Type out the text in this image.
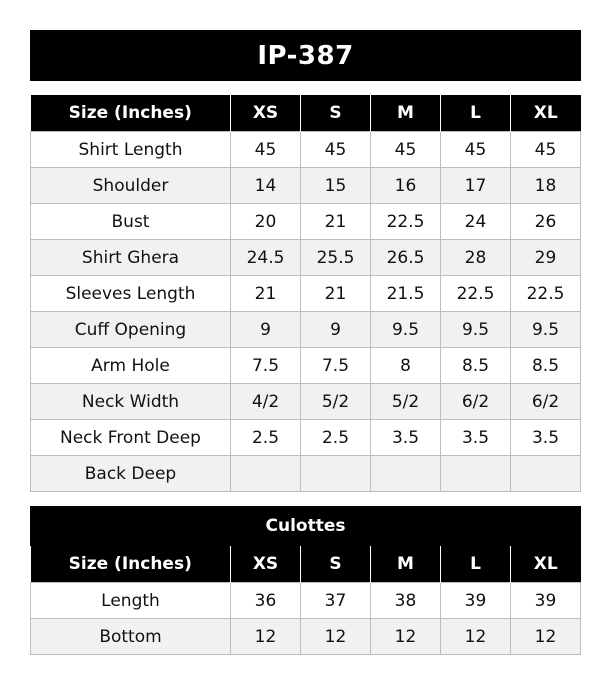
IP-387
Size (Inches)	XS	S	M	L	XL
Shirt Length	45	45	45	45	45
Shoulder	14	15	16	17	18
Bust	20	21	22.5	24	26
Shirt Ghera	24.5	25.5	26.5	28	29
Sleeves Length	21	21	21.5	22.5	22.5
Cuff Opening	9	9	9.5	9.5	9.5
Arm Hole	7.5	7.5	8	8.5	8.5
Neck Width	4/2	5/2	5/2	6/2	6/2
Neck Front Deep	2.5	2.5	3.5	3.5	3.5
Back Deep					
Culottes
Size (Inches)	XS	S	M	L	XL
Length	36	37	38	39	39
Bottom	12	12	12	12	12
